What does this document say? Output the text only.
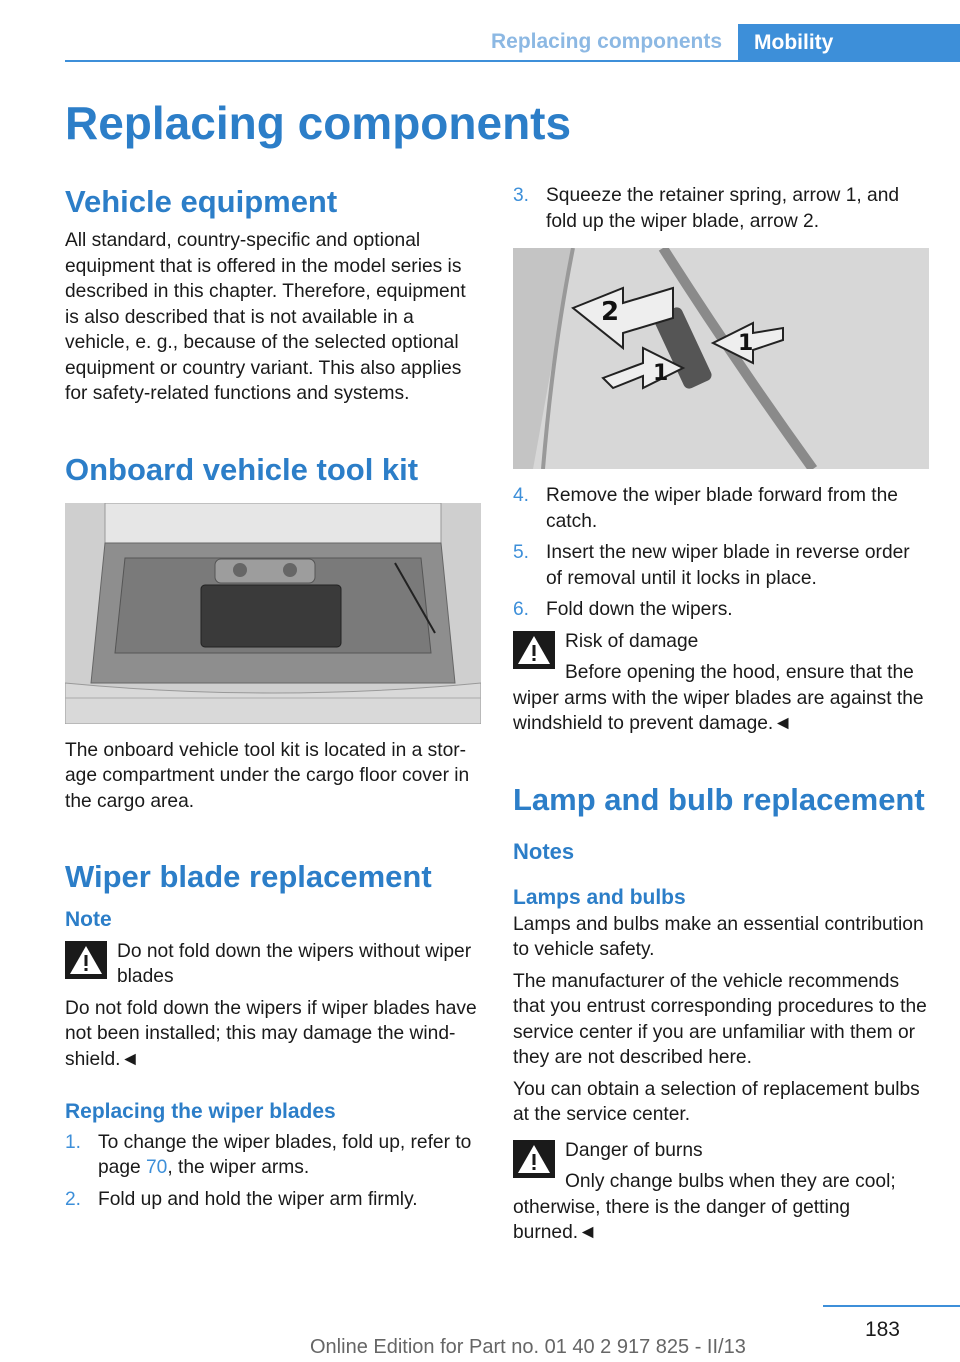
Replacing components Mobility
Replacing components
Vehicle equipment

All standard, country-specific and optional equipment that is offered in the model series is described in this chapter. Therefore, equipment is also described that is not available in a vehicle, e. g., because of the selected optional equipment or country variant. This also applies for safety-related functions and systems.

Onboard vehicle tool kit

The onboard vehicle tool kit is located in a storage compartment under the cargo floor cover in the cargo area.

Wiper blade replacement
Note

Do not fold down the wipers without wiper blades

Do not fold down the wipers if wiper blades have not been installed; this may damage the windshield.◄

Replacing the wiper blades
1. To change the wiper blades, fold up, refer to page 70, the wiper arms.
2. Fold up and hold the wiper arm firmly.
3. Squeeze the retainer spring, arrow 1, and fold up the wiper blade, arrow 2.
2
1
1
4. Remove the wiper blade forward from the catch.
5. Insert the new wiper blade in reverse order of removal until it locks in place.
6. Fold down the wipers.

Risk of damage

Before opening the hood, ensure that the wiper arms with the wiper blades are against the windshield to prevent damage.◄

Lamp and bulb replacement
Notes
Lamps and bulbs

Lamps and bulbs make an essential contribution to vehicle safety.

The manufacturer of the vehicle recommends that you entrust corresponding procedures to the service center if you are unfamiliar with them or they are not described here.

You can obtain a selection of replacement bulbs at the service center.

Danger of burns

Only change bulbs when they are cool; otherwise, there is the danger of getting burned.◄

183
Online Edition for Part no. 01 40 2 917 825 - II/13
